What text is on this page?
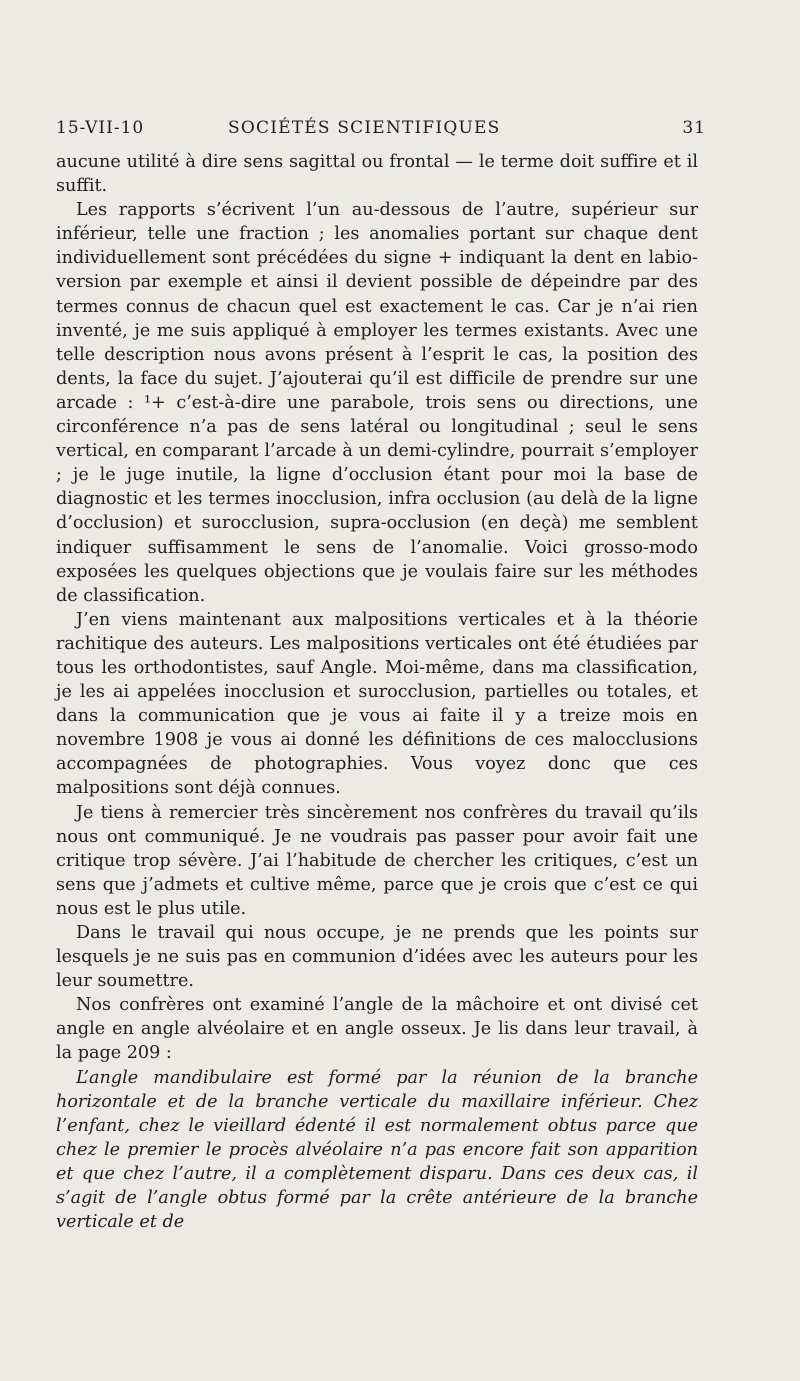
15-VII-10	SOCIÉTÉS SCIENTIFIQUES	31

aucune utilité à dire sens sagittal ou frontal — le terme doit suffire et il suffit.

Les rapports s’écrivent l’un au-dessous de l’autre, supérieur sur inférieur, telle une fraction ; les anomalies portant sur chaque dent individuellement sont précédées du signe + indiquant la dent en labio-version par exemple et ainsi il devient possible de dépeindre par des termes connus de chacun quel est exactement le cas. Car je n’ai rien inventé, je me suis appliqué à employer les termes existants. Avec une telle description nous avons présent à l’esprit le cas, la position des dents, la face du sujet. J’ajouterai qu’il est difficile de prendre sur une arcade : ¹+ c’est-à-dire une parabole, trois sens ou directions, une circonférence n’a pas de sens latéral ou longitudinal ; seul le sens vertical, en comparant l’arcade à un demi-cylindre, pourrait s’employer ; je le juge inutile, la ligne d’occlusion étant pour moi la base de diagnostic et les termes inocclusion, infra occlusion (au delà de la ligne d’occlusion) et surocclusion, supra-occlusion (en deçà) me semblent indiquer suffisamment le sens de l’anomalie. Voici grosso-modo exposées les quelques objections que je voulais faire sur les méthodes de classification.

J’en viens maintenant aux malpositions verticales et à la théorie rachitique des auteurs. Les malpositions verticales ont été étudiées par tous les orthodontistes, sauf Angle. Moi-même, dans ma classification, je les ai appelées inocclusion et surocclusion, partielles ou totales, et dans la communication que je vous ai faite il y a treize mois en novembre 1908 je vous ai donné les définitions de ces malocclusions accompagnées de photographies. Vous voyez donc que ces malpositions sont déjà connues.

Je tiens à remercier très sincèrement nos confrères du travail qu’ils nous ont communiqué. Je ne voudrais pas passer pour avoir fait une critique trop sévère. J’ai l’habitude de chercher les critiques, c’est un sens que j’admets et cultive même, parce que je crois que c’est ce qui nous est le plus utile.

Dans le travail qui nous occupe, je ne prends que les points sur lesquels je ne suis pas en communion d’idées avec les auteurs pour les leur soumettre.

Nos confrères ont examiné l’angle de la mâchoire et ont divisé cet angle en angle alvéolaire et en angle osseux. Je lis dans leur travail, à la page 209 :

L’angle mandibulaire est formé par la réunion de la branche horizontale et de la branche verticale du maxillaire inférieur. Chez l’enfant, chez le vieillard édenté il est normalement obtus parce que chez le premier le procès alvéolaire n’a pas encore fait son apparition et que chez l’autre, il a complètement disparu. Dans ces deux cas, il s’agit de l’angle obtus formé par la crête antérieure de la branche verticale et de
